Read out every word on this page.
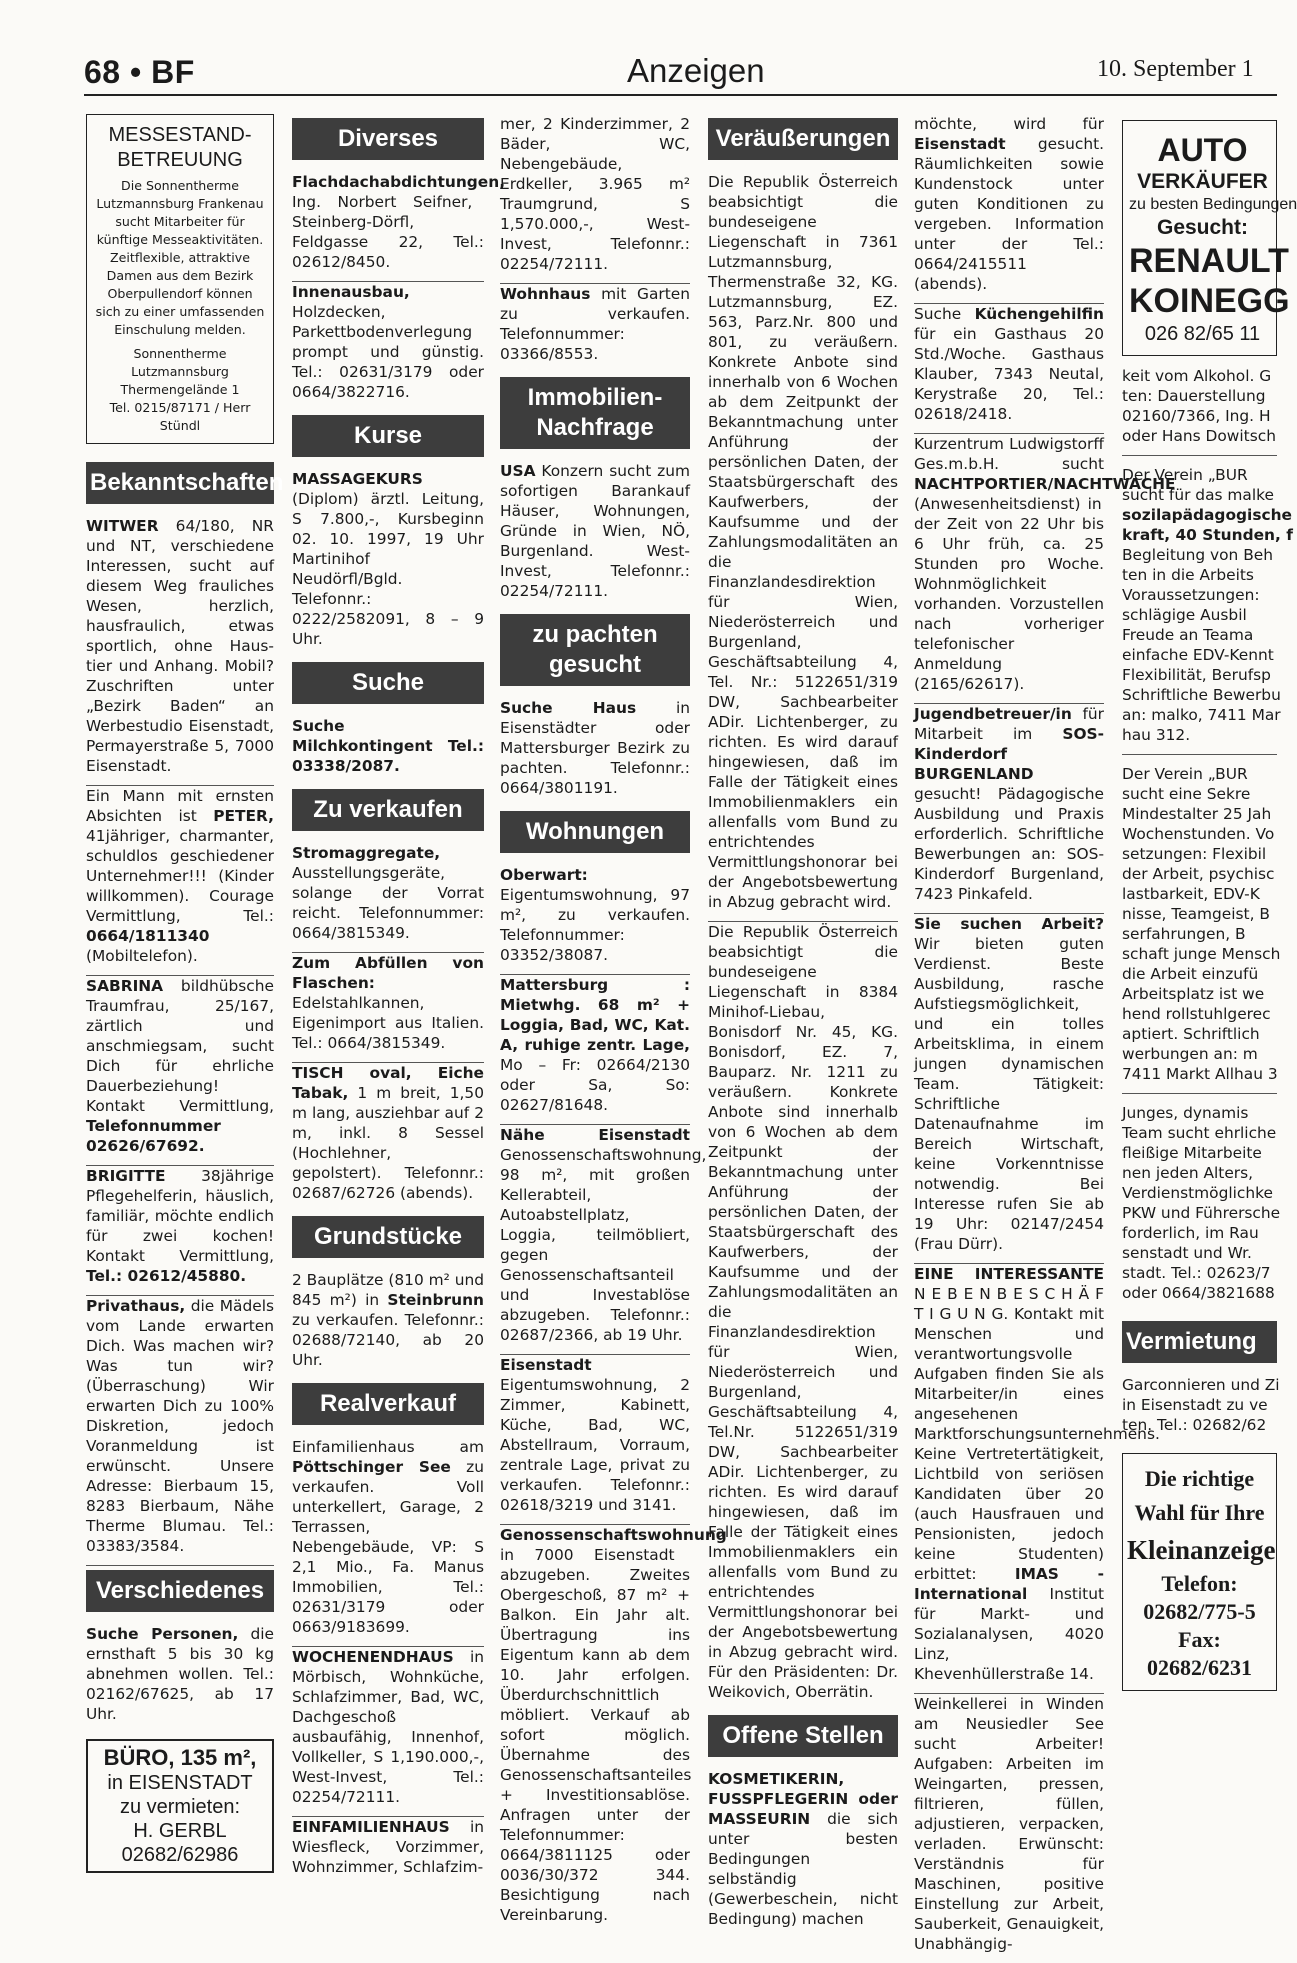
68 • BF	Anzeigen	10. September 1
MESSESTAND-BETREUUNG
Die Sonnentherme Lutzmannsburg Frankenau sucht Mitarbeiter für künftige Messeaktivitäten. Zeitflexible, attraktive Damen aus dem Bezirk Oberpullendorf können sich zu einer umfassenden Einschulung melden.
Sonnentherme Lutzmannsburg
Thermengelände 1
Tel. 0215/87171 / Herr Stündl
Bekanntschaften

WITWER 64/180, NR und NT, verschiedene Interessen, sucht auf diesem Weg frauliches Wesen, herzlich, hausfraulich, etwas sportlich, ohne Haus-tier und Anhang. Mobil? Zuschriften unter „Bezirk Baden“ an Werbestudio Eisenstadt, Permayerstraße 5, 7000 Eisenstadt.

Ein Mann mit ernsten Absichten ist PETER, 41jähriger, charmanter, schuldlos geschiedener Unternehmer!!! (Kinder willkommen). Courage Vermittlung, Tel.: 0664/1811340 (Mobiltelefon).

SABRINA bildhübsche Traumfrau, 25/167, zärtlich und anschmiegsam, sucht Dich für ehrliche Dauerbeziehung! Kontakt Vermittlung, Telefonnummer 02626/67692.

BRIGITTE 38jährige Pflegehelferin, häuslich, familiär, möchte endlich für zwei kochen! Kontakt Vermittlung, Tel.: 02612/45880.

Privathaus, die Mädels vom Lande erwarten Dich. Was machen wir? Was tun wir? (Überraschung) Wir erwarten Dich zu 100% Diskretion, jedoch Voranmeldung ist erwünscht. Unsere Adresse: Bierbaum 15, 8283 Bierbaum, Nähe Therme Blumau. Tel.: 03383/3584.

Verschiedenes

Suche Personen, die ernsthaft 5 bis 30 kg abnehmen wollen. Tel.: 02162/67625, ab 17 Uhr.

BÜRO, 135 m²,
in EISENSTADT
zu vermieten:
H. GERBL
02682/62986
Diverses

Flachdachabdichtungen, Ing. Norbert Seifner, Steinberg-Dörfl, Feldgasse 22, Tel.: 02612/8450.

Innenausbau, Holzdecken, Parkettbodenverlegung prompt und günstig. Tel.: 02631/3179 oder 0664/3822716.

Kurse

MASSAGEKURS (Diplom) ärztl. Leitung, S 7.800,-, Kursbeginn 02. 10. 1997, 19 Uhr Martinihof Neudörfl/Bgld. Telefonnr.: 0222/2582091, 8 – 9 Uhr.

Suche

Suche Milchkontingent Tel.: 03338/2087.

Zu verkaufen

Stromaggregate, Ausstellungsgeräte, solange der Vorrat reicht. Telefonnummer: 0664/3815349.

Zum Abfüllen von Flaschen: Edelstahlkannen, Eigenimport aus Italien. Tel.: 0664/3815349.

TISCH oval, Eiche Tabak, 1 m breit, 1,50 m lang, ausziehbar auf 2 m, inkl. 8 Sessel (Hochlehner, gepolstert). Telefonnr.: 02687/62726 (abends).

Grundstücke

2 Bauplätze (810 m² und 845 m²) in Steinbrunn zu verkaufen. Telefonnr.: 02688/72140, ab 20 Uhr.

Realverkauf

Einfamilienhaus am Pöttschinger See zu verkaufen. Voll unterkellert, Garage, 2 Terrassen, Nebengebäude, VP: S 2,1 Mio., Fa. Manus Immobilien, Tel.: 02631/3179 oder 0663/9183699.

WOCHENENDHAUS in Mörbisch, Wohnküche, Schlafzimmer, Bad, WC, Dachgeschoß ausbaufähig, Innenhof, Vollkeller, S 1,190.000,-, West-Invest, Tel.: 02254/72111.

EINFAMILIENHAUS in Wiesfleck, Vorzimmer, Wohnzimmer, Schlafzim-

mer, 2 Kinderzimmer, 2 Bäder, WC, Nebengebäude, Erdkeller, 3.965 m² Traumgrund, S 1,570.000,-, West-Invest, Telefonnr.: 02254/72111.

Wohnhaus mit Garten zu verkaufen. Telefonnummer: 03366/8553.

Immobilien-Nachfrage

USA Konzern sucht zum sofortigen Barankauf Häuser, Wohnungen, Gründe in Wien, NÖ, Burgenland. West-Invest, Telefonnr.: 02254/72111.

zu pachten gesucht

Suche Haus in Eisenstädter oder Mattersburger Bezirk zu pachten. Telefonnr.: 0664/3801191.

Wohnungen

Oberwart: Eigentumswohnung, 97 m², zu verkaufen. Telefonnummer: 03352/38087.

Mattersburg : Mietwhg. 68 m² + Loggia, Bad, WC, Kat. A, ruhige zentr. Lage, Mo – Fr: 02664/2130 oder Sa, So: 02627/81648.

Nähe Eisenstadt Genossenschaftswohnung, 98 m², mit großen Kellerabteil, Autoabstellplatz, Loggia, teilmöbliert, gegen Genossenschaftsanteil und Investablöse abzugeben. Telefonnr.: 02687/2366, ab 19 Uhr.

Eisenstadt Eigentumswohnung, 2 Zimmer, Kabinett, Küche, Bad, WC, Abstellraum, Vorraum, zentrale Lage, privat zu verkaufen. Telefonnr.: 02618/3219 und 3141.

Genossenschaftswohnung in 7000 Eisenstadt abzugeben. Zweites Obergeschoß, 87 m² + Balkon. Ein Jahr alt. Übertragung ins Eigentum kann ab dem 10. Jahr erfolgen. Überdurchschnittlich möbliert. Verkauf ab sofort möglich. Übernahme des Genossenschaftsanteiles + Investitionsablöse. Anfragen unter der Telefonnummer: 0664/3811125 oder 0036/30/372 344. Besichtigung nach Vereinbarung.

Veräußerungen

Die Republik Österreich beabsichtigt die bundeseigene Liegenschaft in 7361 Lutzmannsburg, Thermenstraße 32, KG. Lutzmannsburg, EZ. 563, Parz.Nr. 800 und 801, zu veräußern. Konkrete Anbote sind innerhalb von 6 Wochen ab dem Zeitpunkt der Bekanntmachung unter Anführung der persönlichen Daten, der Staatsbürgerschaft des Kaufwerbers, der Kaufsumme und der Zahlungsmodalitäten an die Finanzlandesdirektion für Wien, Niederösterreich und Burgenland, Geschäftsabteilung 4, Tel. Nr.: 5122651/319 DW, Sachbearbeiter ADir. Lichtenberger, zu richten. Es wird darauf hingewiesen, daß im Falle der Tätigkeit eines Immobilienmaklers ein allenfalls vom Bund zu entrichtendes Vermittlungshonorar bei der Angebotsbewertung in Abzug gebracht wird.

Die Republik Österreich beabsichtigt die bundeseigene Liegenschaft in 8384 Minihof-Liebau, Bonisdorf Nr. 45, KG. Bonisdorf, EZ. 7, Bauparz. Nr. 1211 zu veräußern. Konkrete Anbote sind innerhalb von 6 Wochen ab dem Zeitpunkt der Bekanntmachung unter Anführung der persönlichen Daten, der Staatsbürgerschaft des Kaufwerbers, der Kaufsumme und der Zahlungsmodalitäten an die Finanzlandesdirektion für Wien, Niederösterreich und Burgenland, Geschäftsabteilung 4, Tel.Nr. 5122651/319 DW, Sachbearbeiter ADir. Lichtenberger, zu richten. Es wird darauf hingewiesen, daß im Falle der Tätigkeit eines Immobilienmaklers ein allenfalls vom Bund zu entrichtendes Vermittlungshonorar bei der Angebotsbewertung in Abzug gebracht wird. Für den Präsidenten: Dr. Weikovich, Oberrätin.

Offene Stellen

KOSMETIKERIN, FUSSPFLEGERIN oder MASSEURIN die sich unter besten Bedingungen selbständig (Gewerbeschein, nicht Bedingung) machen

möchte, wird für Eisenstadt gesucht. Räumlichkeiten sowie Kundenstock unter guten Konditionen zu vergeben. Information unter der Tel.: 0664/2415511 (abends).

Suche Küchengehilfin für ein Gasthaus 20 Std./Woche. Gasthaus Klauber, 7343 Neutal, Kerystraße 20, Tel.: 02618/2418.

Kurzentrum Ludwigstorff Ges.m.b.H. sucht NACHTPORTIER/NACHTWACHE (Anwesenheitsdienst) in der Zeit von 22 Uhr bis 6 Uhr früh, ca. 25 Stunden pro Woche. Wohnmöglichkeit vorhanden. Vorzustellen nach vorheriger telefonischer Anmeldung (2165/62617).

Jugendbetreuer/in für Mitarbeit im SOS-Kinderdorf BURGENLAND gesucht! Pädagogische Ausbildung und Praxis erforderlich. Schriftliche Bewerbungen an: SOS-Kinderdorf Burgenland, 7423 Pinkafeld.

Sie suchen Arbeit? Wir bieten guten Verdienst. Beste Ausbildung, rasche Aufstiegsmöglichkeit, und ein tolles Arbeitsklima, in einem jungen dynamischen Team. Tätigkeit: Schriftliche Datenaufnahme im Bereich Wirtschaft, keine Vorkenntnisse notwendig. Bei Interesse rufen Sie ab 19 Uhr: 02147/2454 (Frau Dürr).

EINE INTERESSANTE N E B E N B E S C H Ä F T I G U N G. Kontakt mit Menschen und verantwortungsvolle Aufgaben finden Sie als Mitarbeiter/in eines angesehenen Marktforschungsunternehmens. Keine Vertretertätigkeit, Lichtbild von seriösen Kandidaten über 20 (auch Hausfrauen und Pensionisten, jedoch keine Studenten) erbittet: IMAS - International Institut für Markt- und Sozialanalysen, 4020 Linz, Khevenhüllerstraße 14.

Weinkellerei in Winden am Neusiedler See sucht Arbeiter! Aufgaben: Arbeiten im Weingarten, pressen, filtrieren, füllen, adjustieren, verpacken, verladen. Erwünscht: Verständnis für Maschinen, positive Einstellung zur Arbeit, Sauberkeit, Genauigkeit, Unabhängig-

AUTO
VERKÄUFER
zu besten Bedingungen
Gesucht:
RENAULT
KOINEGG
026 82/65 11

keit vom Alkohol. G

ten: Dauerstellung

02160/7366, Ing. H

oder Hans Dowitsch

Der Verein „BUR

sucht für das malke

sozilapädagogische

kraft, 40 Stunden, f

Begleitung von Beh

ten in die Arbeits

Voraussetzungen:

schlägige Ausbil

Freude an Teama

einfache EDV-Kennt

Flexibilität, Berufsp

Schriftliche Bewerbu

an: malko, 7411 Mar

hau 312.

Der Verein „BUR

sucht eine Sekre

Mindestalter 25 Jah

Wochenstunden. Vo

setzungen: Flexibil

der Arbeit, psychisc

lastbarkeit, EDV-K

nisse, Teamgeist, B

serfahrungen, B

schaft junge Mensch

die Arbeit einzufü

Arbeitsplatz ist we

hend rollstuhlgerec

aptiert. Schriftlich

werbungen an: m

7411 Markt Allhau 3

Junges, dynamis

Team sucht ehrliche

fleißige Mitarbeite

nen jeden Alters,

Verdienstmöglichke

PKW und Führersche

forderlich, im Rau

senstadt und Wr.

stadt. Tel.: 02623/7

oder 0664/3821688

Vermietung

Garconnieren und Zi

in Eisenstadt zu ve

ten. Tel.: 02682/62

Die richtige
Wahl für Ihre
Kleinanzeige
Telefon:
02682/775-5
Fax:
02682/6231
